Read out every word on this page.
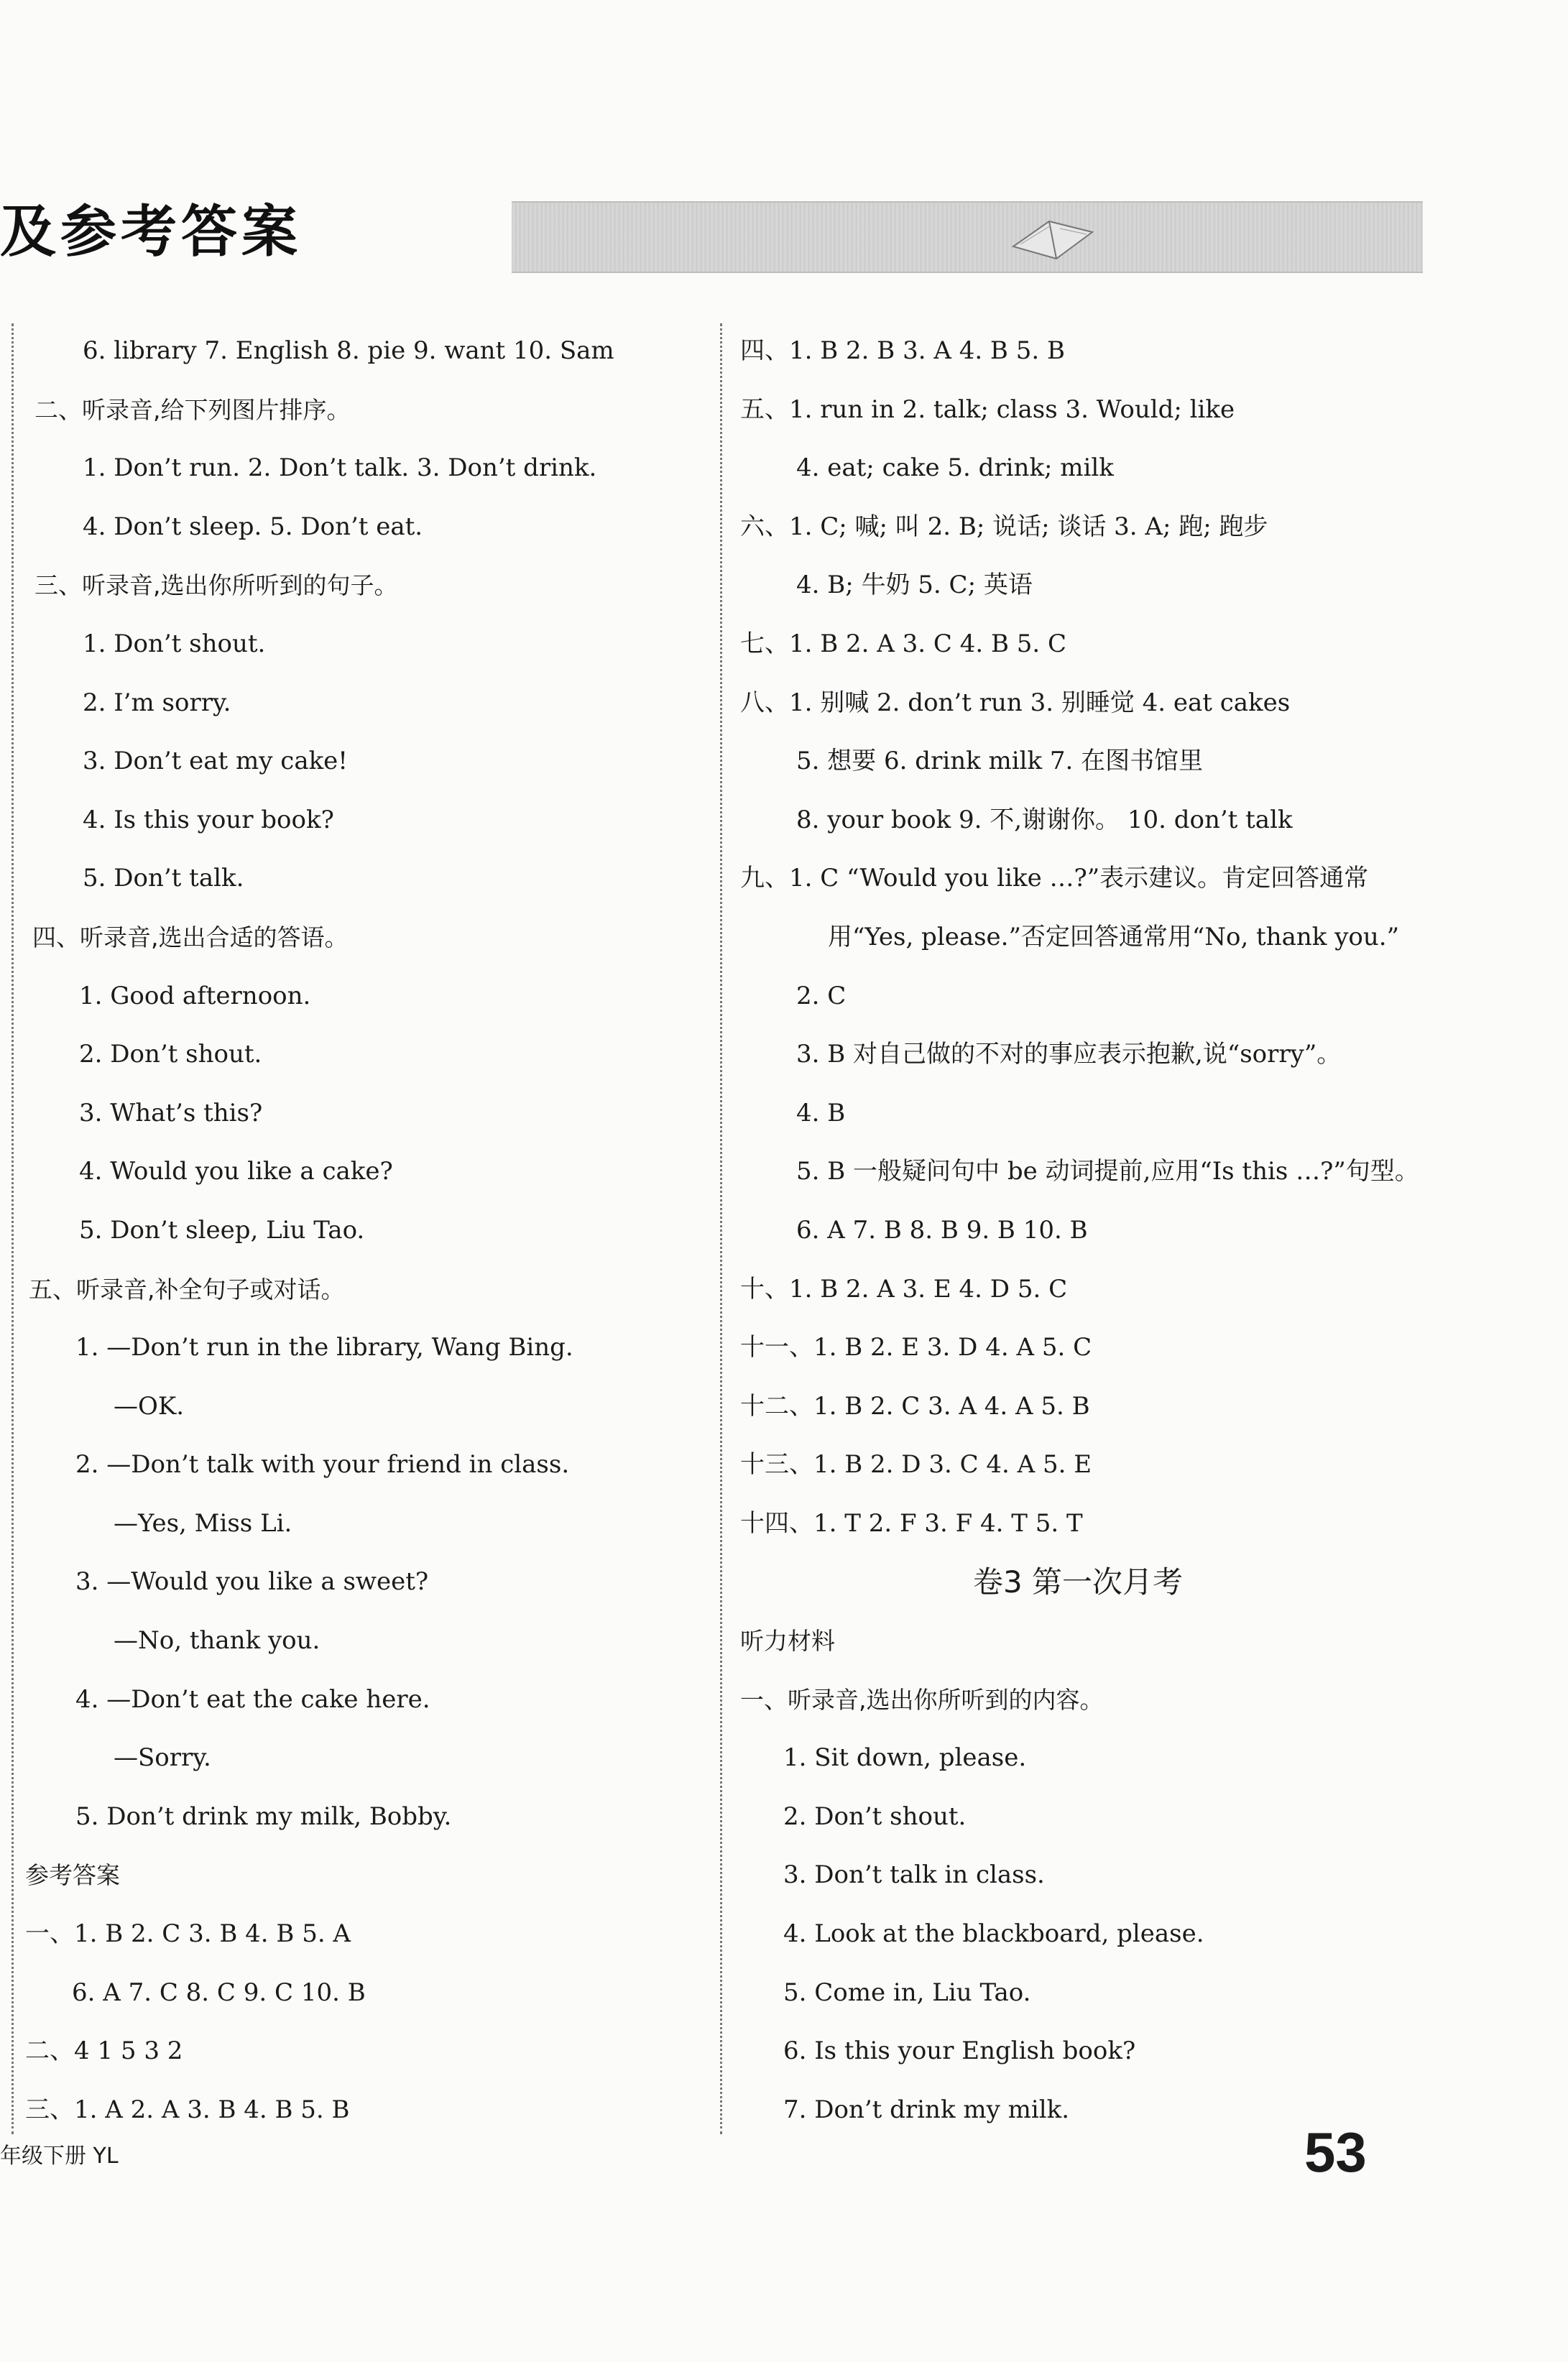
及参考答案
6. library 7. English 8. pie 9. want 10. Sam
二、听录音,给下列图片排序。
1. Don’t run. 2. Don’t talk. 3. Don’t drink.
4. Don’t sleep. 5. Don’t eat.
三、听录音,选出你所听到的句子。
1. Don’t shout.
2. I’m sorry.
3. Don’t eat my cake!
4. Is this your book?
5. Don’t talk.
四、听录音,选出合适的答语。
1. Good afternoon.
2. Don’t shout.
3. What’s this?
4. Would you like a cake?
5. Don’t sleep, Liu Tao.
五、听录音,补全句子或对话。
1. —Don’t run in the library, Wang Bing.
—OK.
2. —Don’t talk with your friend in class.
—Yes, Miss Li.
3. —Would you like a sweet?
—No, thank you.
4. —Don’t eat the cake here.
—Sorry.
5. Don’t drink my milk, Bobby.
参考答案
一、1. B 2. C 3. B 4. B 5. A
6. A 7. C 8. C 9. C 10. B
二、4 1 5 3 2
三、1. A 2. A 3. B 4. B 5. B
四、1. B 2. B 3. A 4. B 5. B
五、1. run in 2. talk; class 3. Would; like
4. eat; cake 5. drink; milk
六、1. C; 喊; 叫 2. B; 说话; 谈话 3. A; 跑; 跑步
4. B; 牛奶 5. C; 英语
七、1. B 2. A 3. C 4. B 5. C
八、1. 别喊 2. don’t run 3. 别睡觉 4. eat cakes
5. 想要 6. drink milk 7. 在图书馆里
8. your book 9. 不,谢谢你。 10. don’t talk
九、1. C “Would you like …?”表示建议。肯定回答通常
用“Yes, please.”否定回答通常用“No, thank you.”
2. C
3. B 对自己做的不对的事应表示抱歉,说“sorry”。
4. B
5. B 一般疑问句中 be 动词提前,应用“Is this …?”句型。
6. A 7. B 8. B 9. B 10. B
十、1. B 2. A 3. E 4. D 5. C
十一、1. B 2. E 3. D 4. A 5. C
十二、1. B 2. C 3. A 4. A 5. B
十三、1. B 2. D 3. C 4. A 5. E
十四、1. T 2. F 3. F 4. T 5. T
卷3 第一次月考
听力材料
一、听录音,选出你所听到的内容。
1. Sit down, please.
2. Don’t shout.
3. Don’t talk in class.
4. Look at the blackboard, please.
5. Come in, Liu Tao.
6. Is this your English book?
7. Don’t drink my milk.
年级下册 YL	53
